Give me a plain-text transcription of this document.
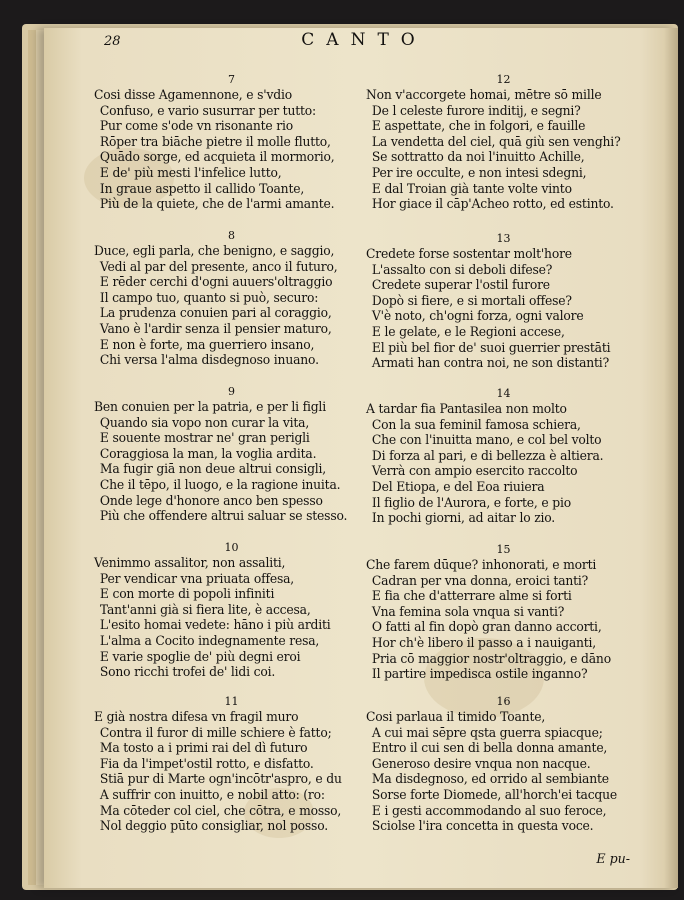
28	CANTO
7
Cosi disse Agamennone, e s'vdio
Confuso, e vario susurrar per tutto:
Pur come s'ode vn risonante rio
Rōper tra biāche pietre il molle flutto,
Quādo sorge, ed acquieta il mormorio,
E de' più mesti l'infelice lutto,
In graue aspetto il callido Toante,
Più de la quiete, che de l'armi amante.
8
Duce, egli parla, che benigno, e saggio,
Vedi al par del presente, anco il futuro,
E rēder cerchi d'ogni auuers'oltraggio
Il campo tuo, quanto si può, securo:
La prudenza conuien pari al coraggio,
Vano è l'ardir senza il pensier maturo,
E non è forte, ma guerriero insano,
Chi versa l'alma disdegnoso inuano.
9
Ben conuien per la patria, e per li figli
Quando sia vopo non curar la vita,
E souente mostrar ne' gran perigli
Coraggiosa la man, la voglia ardita.
Ma fugir giā non deue altrui consigli,
Che il tēpo, il luogo, e la ragione inuita.
Onde lege d'honore anco ben spesso
Più che offendere altrui saluar se stesso.
10
Venimmo assalitor, non assaliti,
Per vendicar vna priuata offesa,
E con morte di popoli infiniti
Tant'anni già si fiera lite, è accesa,
L'esito homai vedete: hāno i più arditi
L'alma a Cocito indegnamente resa,
E varie spoglie de' più degni eroi
Sono ricchi trofei de' lidi coi.
11
E già nostra difesa vn fragil muro
Contra il furor di mille schiere è fatto;
Ma tosto a i primi rai del dì futuro
Fia da l'impet'ostil rotto, e disfatto.
Stiā pur di Marte ogn'incōtr'aspro, e du
A suffrir con inuitto, e nobil atto: (ro:
Ma cōteder col ciel, che cōtra, e mosso,
Nol deggio pūto consigliar, nol posso.
12
Non v'accorgete homai, mētre sō mille
De l celeste furore inditij, e segni?
E aspettate, che in folgori, e fauille
La vendetta del ciel, quā giù sen venghi?
Se sottratto da noi l'inuitto Achille,
Per ire occulte, e non intesi sdegni,
E dal Troian già tante volte vinto
Hor giace il cāp'Acheo rotto, ed estinto.
13
Credete forse sostentar molt'hore
L'assalto con si deboli difese?
Credete superar l'ostil furore
Dopò si fiere, e si mortali offese?
V'è noto, ch'ogni forza, ogni valore
E le gelate, e le Regioni accese,
El più bel fior de' suoi guerrier prestāti
Armati han contra noi, ne son distanti?
14
A tardar fia Pantasilea non molto
Con la sua feminil famosa schiera,
Che con l'inuitta mano, e col bel volto
Di forza al pari, e di bellezza è altiera.
Verrà con ampio esercito raccolto
Del Etiopa, e del Eoa riuiera
Il figlio de l'Aurora, e forte, e pio
In pochi giorni, ad aitar lo zio.
15
Che farem dūque? inhonorati, e morti
Cadran per vna donna, eroici tanti?
E fia che d'atterrare alme si forti
Vna femina sola vnqua si vanti?
O fatti al fin dopò gran danno accorti,
Hor ch'è libero il passo a i nauiganti,
Pria cō maggior nostr'oltraggio, e dāno
Il partire impedisca ostile inganno?
16
Cosi parlaua il timido Toante,
A cui mai sēpre qsta guerra spiacque;
Entro il cui sen di bella donna amante,
Generoso desire vnqua non nacque.
Ma disdegnoso, ed orrido al sembiante
Sorse forte Diomede, all'horch'ei tacque
E i gesti accommodando al suo feroce,
Sciolse l'ira concetta in questa voce.
E pu-
